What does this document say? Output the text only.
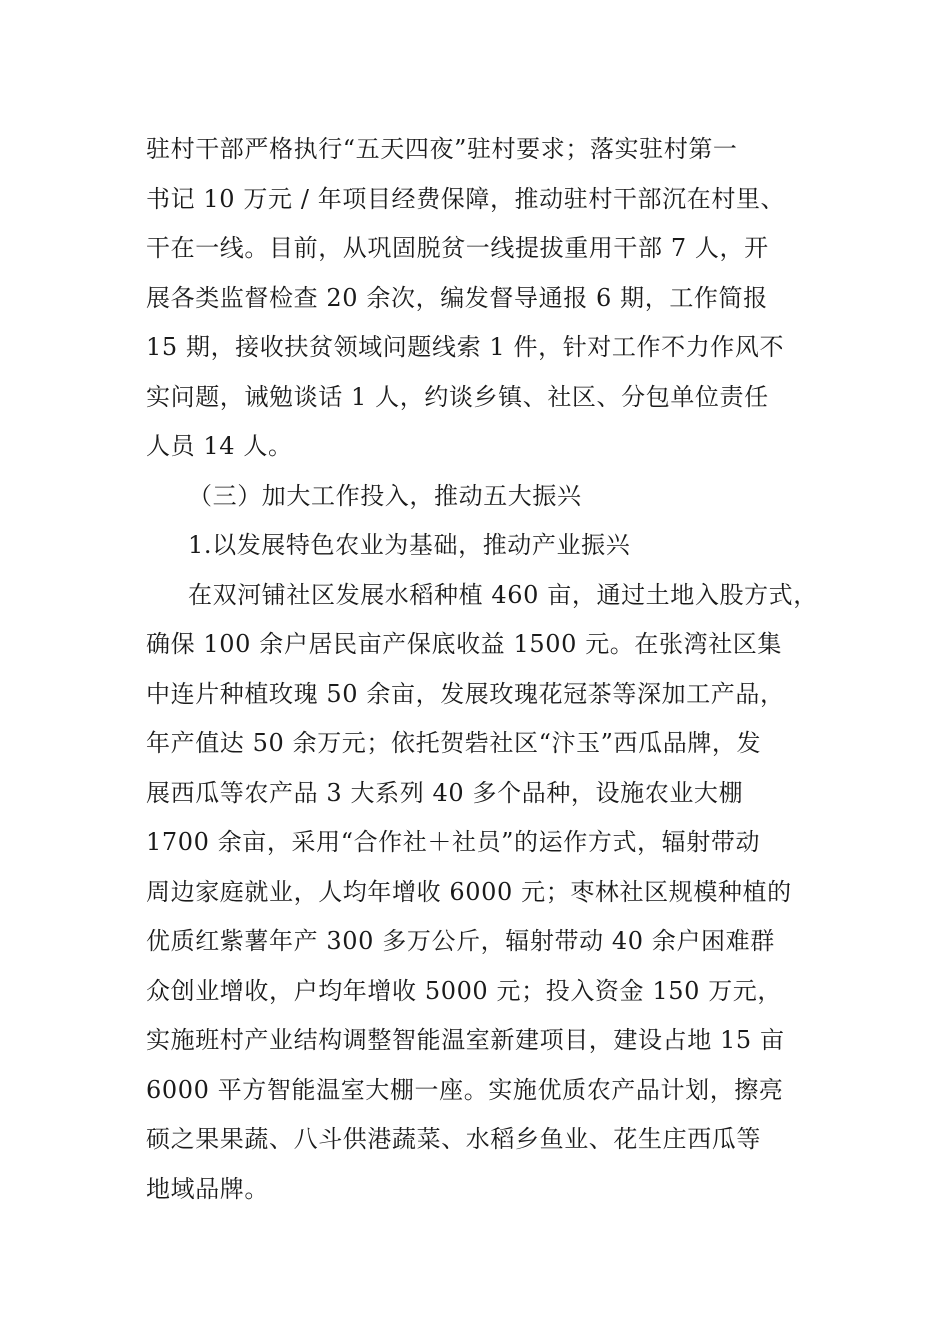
驻村干部严格执行“五天四夜”驻村要求；落实驻村第一
书记 10 万元 / 年项目经费保障，推动驻村干部沉在村里、
干在一线。目前，从巩固脱贫一线提拔重用干部 7 人，开
展各类监督检查 20 余次，编发督导通报 6 期，工作简报
15 期，接收扶贫领域问题线索 1 件，针对工作不力作风不
实问题，诫勉谈话 1 人，约谈乡镇、社区、分包单位责任
人员 14 人。
（三）加大工作投入，推动五大振兴
1.以发展特色农业为基础，推动产业振兴
在双河铺社区发展水稻种植 460 亩，通过土地入股方式，
确保 100 余户居民亩产保底收益 1500 元。在张湾社区集
中连片种植玫瑰 50 余亩，发展玫瑰花冠茶等深加工产品，
年产值达 50 余万元；依托贺砦社区“汴玉”西瓜品牌，发
展西瓜等农产品 3 大系列 40 多个品种，设施农业大棚
1700 余亩，采用“合作社＋社员”的运作方式，辐射带动
周边家庭就业，人均年增收 6000 元；枣林社区规模种植的
优质红紫薯年产 300 多万公斤，辐射带动 40 余户困难群
众创业增收，户均年增收 5000 元；投入资金 150 万元，
实施班村产业结构调整智能温室新建项目，建设占地 15 亩
6000 平方智能温室大棚一座。实施优质农产品计划，擦亮
硕之果果蔬、八斗供港蔬菜、水稻乡鱼业、花生庄西瓜等
地域品牌。
